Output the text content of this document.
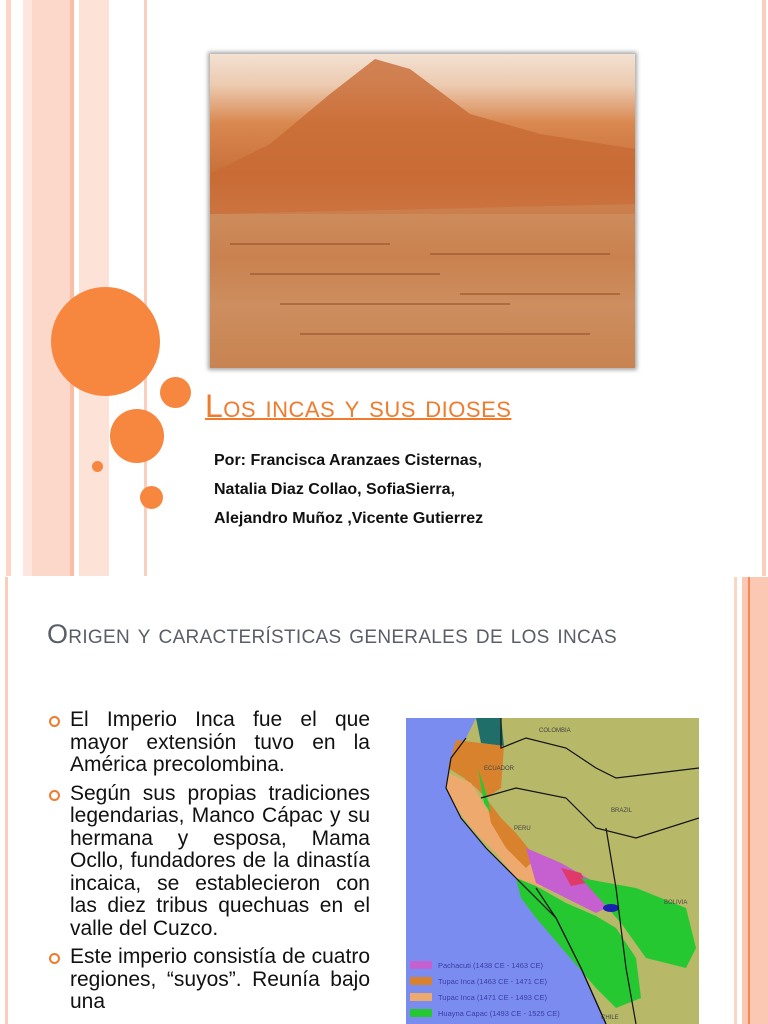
Los incas y sus dioses
Por: Francisca Aranzaes Cisternas,
Natalia Diaz Collao, SofiaSierra,
Alejandro Muñoz ,Vicente Gutierrez
Origen y características generales de los incas
El Imperio Inca fue el que mayor extensión tuvo en la América precolombina.
Según sus propias tradiciones legendarias, Manco Cápac y su hermana y esposa, Mama Ocllo, fundadores de la dinastía incaica, se establecieron con las diez tribus quechuas en el valle del Cuzco.
Este imperio consistía de cuatro regiones, “suyos”. Reunía bajo una
COLOMBIA
ECUADOR
PERU
BRAZIL
BOLIVIA
CHILE
Pachacuti (1438 CE - 1463 CE)
Tupac Inca (1463 CE - 1471 CE)
Tupac Inca (1471 CE - 1493 CE)
Huayna Capac (1493 CE - 1525 CE)
